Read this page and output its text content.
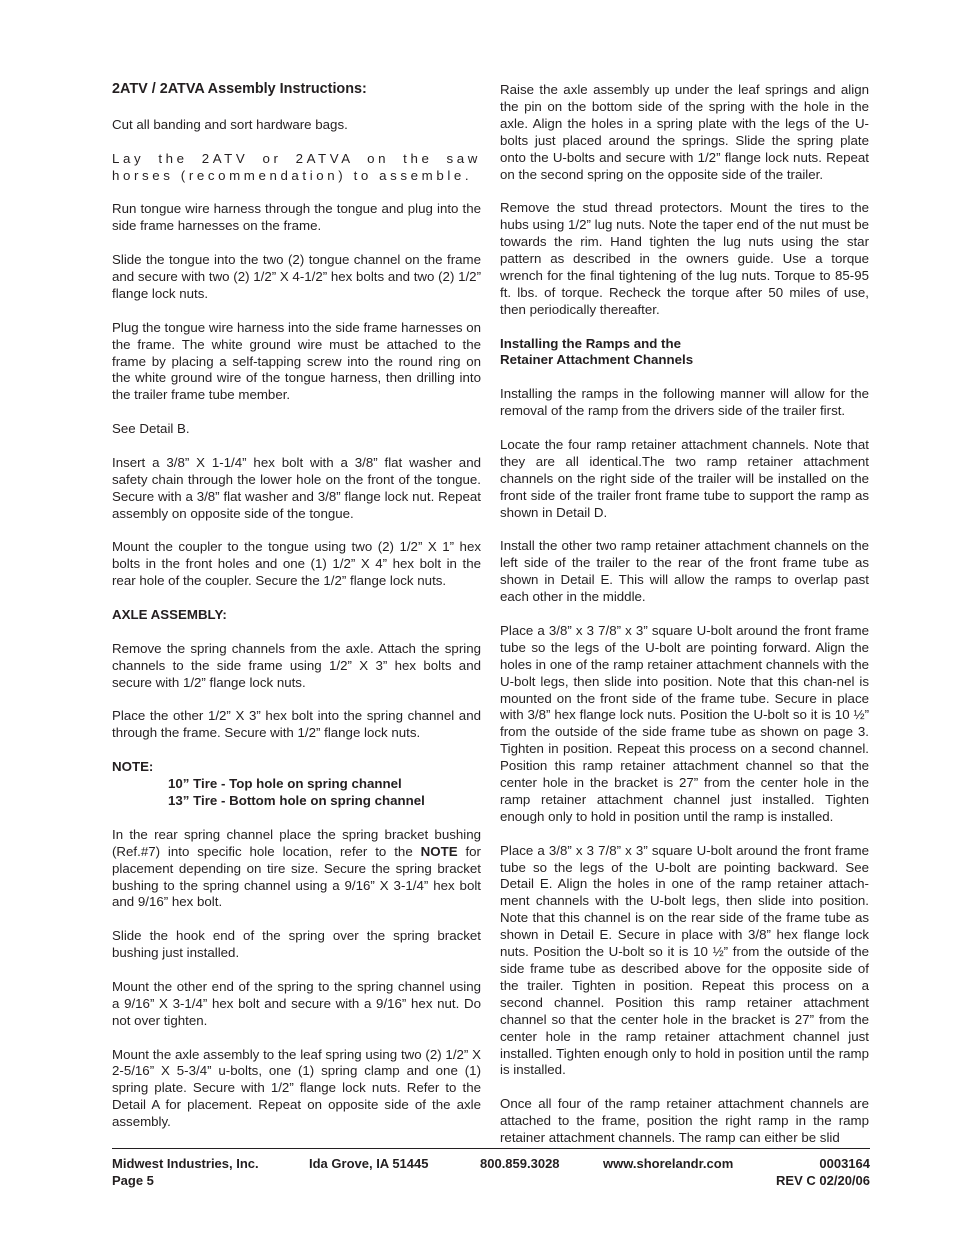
2ATV / 2ATVA Assembly Instructions:

Cut all banding and sort hardware bags.

Lay the 2ATV or 2ATVA on the saw horses (recommendation) to assemble.

Run tongue wire harness through the tongue and plug into the side frame harnesses on the frame.

Slide the tongue into the two (2) tongue channel on the frame and secure with two (2) 1/2” X 4-1/2” hex bolts and two (2) 1/2” flange lock nuts.

Plug the tongue wire harness into the side frame harnesses on the frame. The white ground wire must be attached to the frame by placing a self-tapping screw into the round ring on the white ground wire of the tongue harness, then drilling into the trailer frame tube member.

See Detail B.

Insert a 3/8” X 1-1/4” hex bolt with a 3/8” flat washer and safety chain through the lower hole on the front of the tongue. Secure with a 3/8” flat washer and 3/8” flange lock nut. Repeat assembly on opposite side of the tongue.

Mount the coupler to the tongue using two (2) 1/2” X 1” hex bolts in the front holes and one (1) 1/2” X 4” hex bolt in the rear hole of the coupler. Secure the 1/2” flange lock nuts.

AXLE ASSEMBLY:

Remove the spring channels from the axle. Attach the spring channels to the side frame using 1/2” X 3” hex bolts and secure with 1/2” flange lock nuts.

Place the other 1/2” X 3” hex bolt into the spring channel and through the frame. Secure with 1/2” flange lock nuts.

NOTE:
10” Tire - Top hole on spring channel
13” Tire - Bottom hole on spring channel

In the rear spring channel place the spring bracket bushing (Ref.#7) into specific hole location, refer to the NOTE for placement depending on tire size. Secure the spring bracket bushing to the spring channel using a 9/16” X 3-1/4” hex bolt and 9/16” hex bolt.

Slide the hook end of the spring over the spring bracket bushing just installed.

Mount the other end of the spring to the spring channel using a 9/16” X 3-1/4” hex bolt and secure with a 9/16” hex nut. Do not over tighten.

Mount the axle assembly to the leaf spring using two (2) 1/2” X 2-5/16” X 5-3/4” u-bolts, one (1) spring clamp and one (1) spring plate. Secure with 1/2” flange lock nuts. Refer to the Detail A for placement. Repeat on opposite side of the axle assembly.

Raise the axle assembly up under the leaf springs and align the pin on the bottom side of the spring with the hole in the axle. Align the holes in a spring plate with the legs of the U-bolts just placed around the springs. Slide the spring plate onto the U-bolts and secure with 1/2” flange lock nuts. Repeat on the second spring on the opposite side of the trailer.

Remove the stud thread protectors. Mount the tires to the hubs using 1/2” lug nuts. Note the taper end of the nut must be towards the rim. Hand tighten the lug nuts using the star pattern as described in the owners guide. Use a torque wrench for the final tightening of the lug nuts. Torque to 85-95 ft. lbs. of torque. Recheck the torque after 50 miles of use, then periodically thereafter.

Installing the Ramps and the
Retainer Attachment Channels

Installing the ramps in the following manner will allow for the removal of the ramp from the drivers side of the trailer first.

Locate the four ramp retainer attachment channels. Note that they are all identical.The two ramp retainer attachment channels on the right side of the trailer will be installed on the front side of the trailer front frame tube to support the ramp as shown in Detail D.

Install the other two ramp retainer attachment channels on the left side of the trailer to the rear of the front frame tube as shown in Detail E. This will allow the ramps to overlap past each other in the middle.

Place a 3/8” x 3 7/8” x 3” square U-bolt around the front frame tube so the legs of the U-bolt are pointing forward. Align the holes in one of the ramp retainer attachment channels with the U-bolt legs, then slide into position. Note that this chan-nel is mounted on the front side of the frame tube. Secure in place with 3/8” hex flange lock nuts. Position the U-bolt so it is 10 ½” from the outside of the side frame tube as shown on page 3. Tighten in position. Repeat this process on a second channel. Position this ramp retainer attachment channel so that the center hole in the bracket is 27” from the center hole in the ramp retainer attachment channel just installed. Tighten enough only to hold in position until the ramp is installed.

Place a 3/8” x 3 7/8” x 3” square U-bolt around the front frame tube so the legs of the U-bolt are pointing backward. See Detail E. Align the holes in one of the ramp retainer attach-ment channels with the U-bolt legs, then slide into position. Note that this channel is on the rear side of the frame tube as shown in Detail E. Secure in place with 3/8” hex flange lock nuts. Position the U-bolt so it is 10 ½” from the outside of the side frame tube as described above for the opposite side of the trailer. Tighten in position. Repeat this process on a second channel. Position this ramp retainer attachment channel so that the center hole in the bracket is 27” from the center hole in the ramp retainer attachment channel just installed. Tighten enough only to hold in position until the ramp is installed.

Once all four of the ramp retainer attachment channels are attached to the frame, position the right ramp in the ramp retainer attachment channels. The ramp can either be slid

Midwest Industries, Inc.	Ida Grove, IA 51445	800.859.3028	www.shorelandr.com	0003164
Page 5	REV C 02/20/06
